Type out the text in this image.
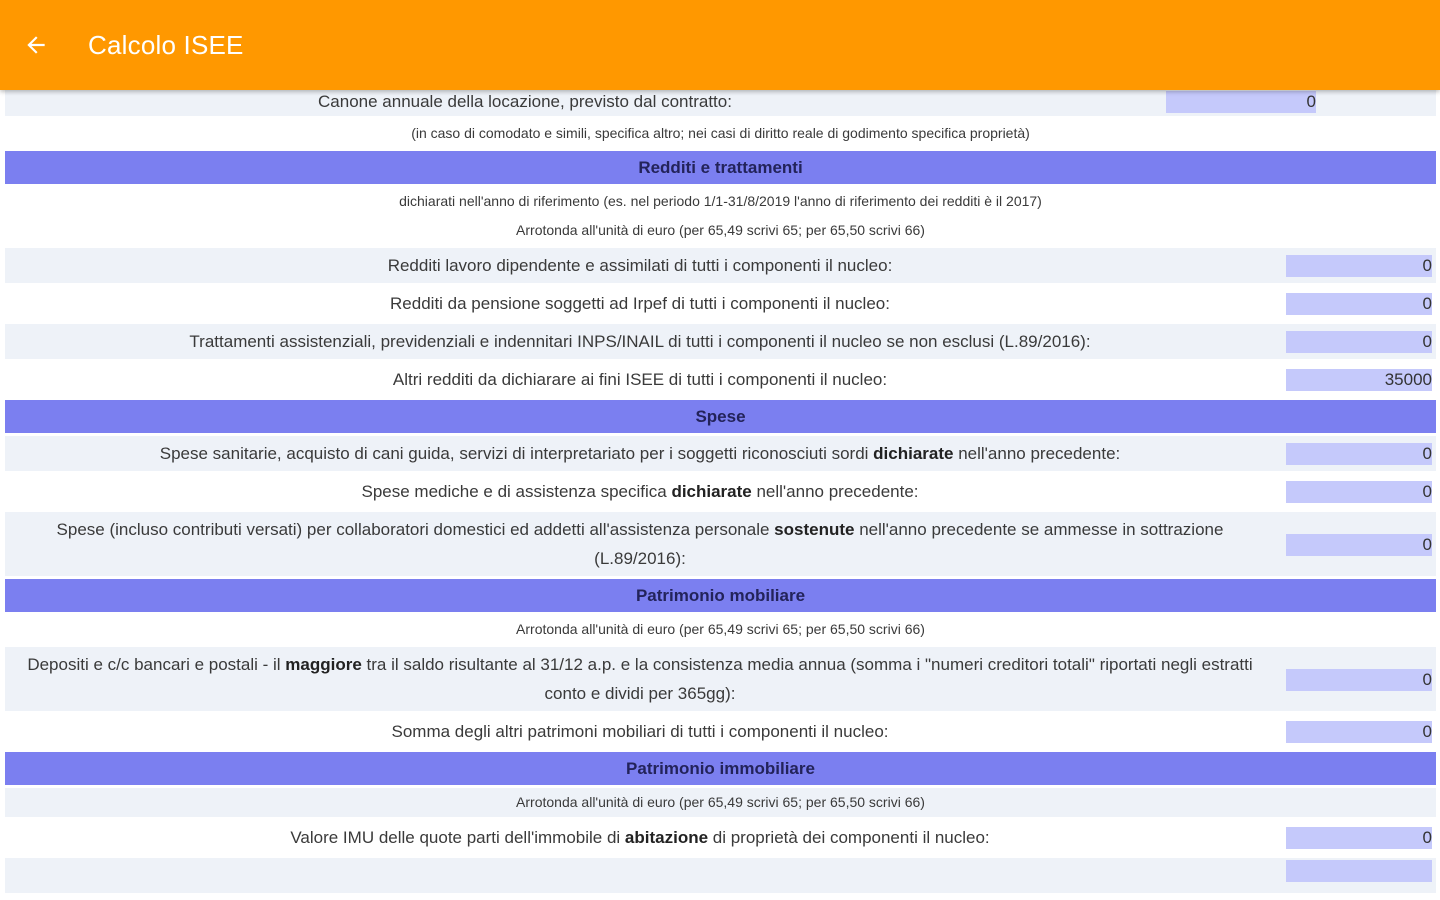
Calcolo ISEE
Canone annuale della locazione, previsto dal contratto:	0	
(in caso di comodato e simili, specifica altro; nei casi di diritto reale di godimento specifica proprietà)		
Redditi e trattamenti		

dichiarati nell'anno di riferimento (es. nel periodo 1/1-31/8/2019 l'anno di riferimento dei redditi è il 2017)
Arrotonda all'unità di euro (per 65,49 scrivi 65; per 65,50 scrivi 66)		

Redditi lavoro dipendente e assimilati di tutti i componenti il nucleo:		0
Redditi da pensione soggetti ad Irpef di tutti i componenti il nucleo:		0
Trattamenti assistenziali, previdenziali e indennitari INPS/INAIL di tutti i componenti il nucleo se non esclusi (L.89/2016):		0
Altri redditi da dichiarare ai fini ISEE di tutti i componenti il nucleo:		35000
Spese		
Spese sanitarie, acquisto di cani guida, servizi di interpretariato per i soggetti riconosciuti sordi dichiarate nell'anno precedente:		0
Spese mediche e di assistenza specifica dichiarate nell'anno precedente:		0
Spese (incluso contributi versati) per collaboratori domestici ed addetti all'assistenza personale sostenute nell'anno precedente se ammesse in sottrazione (L.89/2016):		0
Patrimonio mobiliare		
Arrotonda all'unità di euro (per 65,49 scrivi 65; per 65,50 scrivi 66)		
Depositi e c/c bancari e postali - il maggiore tra il saldo risultante al 31/12 a.p. e la consistenza media annua (somma i "numeri creditori totali" riportati negli estratti conto e dividi per 365gg):		0
Somma degli altri patrimoni mobiliari di tutti i componenti il nucleo:		0
Patrimonio immobiliare		
Arrotonda all'unità di euro (per 65,49 scrivi 65; per 65,50 scrivi 66)		
Valore IMU delle quote parti dell'immobile di abitazione di proprietà dei componenti il nucleo:		0
